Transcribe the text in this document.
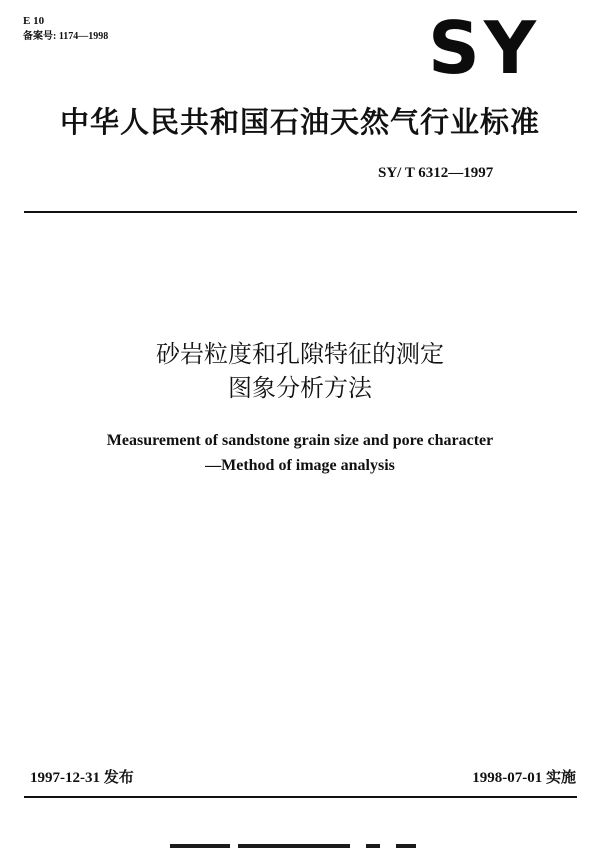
E 10
备案号: 1174—1998	SY
中华人民共和国石油天然气行业标准
SY/ T 6312—1997
砂岩粒度和孔隙特征的测定
图象分析方法
Measurement of sandstone grain size and pore character
—Method of image analysis
1997-12-31 发布	1998-07-01 实施
